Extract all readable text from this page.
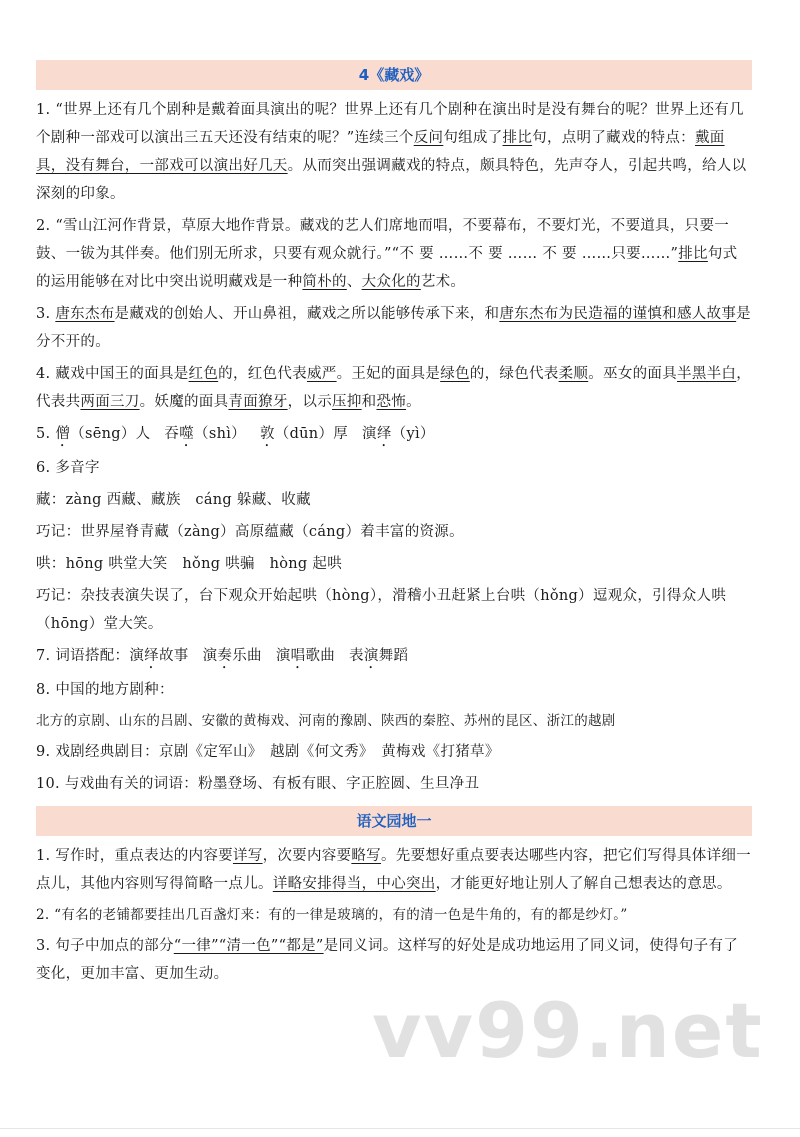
4《藏戏》

1. “世界上还有几个剧种是戴着面具演出的呢？世界上还有几个剧种在演出时是没有舞台的呢？世界上还有几个剧种一部戏可以演出三五天还没有结束的呢？”连续三个反问句组成了排比句，点明了藏戏的特点：戴面具，没有舞台，一部戏可以演出好几天。从而突出强调藏戏的特点，颇具特色，先声夺人，引起共鸣，给人以深刻的印象。

2. “雪山江河作背景，草原大地作背景。藏戏的艺人们席地而唱，不要幕布，不要灯光，不要道具，只要一鼓、一钹为其伴奏。他们别无所求，只要有观众就行。”“不 要 ……不 要 …… 不 要 ……只要……”排比句式的运用能够在对比中突出说明藏戏是一种简朴的、大众化的艺术。

3. 唐东杰布是藏戏的创始人、开山鼻祖，藏戏之所以能够传承下来，和唐东杰布为民造福的谨慎和感人故事是分不开的。

4. 藏戏中国王的面具是红色的，红色代表威严。王妃的面具是绿色的，绿色代表柔顺。巫女的面具半黑半白，代表共两面三刀。妖魔的面具青面獠牙，以示压抑和恐怖。

5. 僧（sēng）人 吞噬（shì） 敦（dūn）厚 演绎（yì）

6. 多音字

藏：zàng 西藏、藏族　cáng 躲藏、收藏

巧记：世界屋脊青藏（zàng）高原蕴藏（cáng）着丰富的资源。

哄：hōng 哄堂大笑　hǒng 哄骗　hòng 起哄

巧记：杂技表演失误了，台下观众开始起哄（hòng），滑稽小丑赶紧上台哄（hǒng）逗观众，引得众人哄（hōng）堂大笑。

7. 词语搭配：演绎故事 演奏乐曲 演唱歌曲 表演舞蹈

8. 中国的地方剧种：

北方的京剧、山东的吕剧、安徽的黄梅戏、河南的豫剧、陕西的秦腔、苏州的昆区、浙江的越剧

9. 戏剧经典剧目：京剧《定军山》　越剧《何文秀》　黄梅戏《打猪草》

10. 与戏曲有关的词语：粉墨登场、有板有眼、字正腔圆、生旦净丑

语文园地一

1. 写作时，重点表达的内容要详写，次要内容要略写。先要想好重点要表达哪些内容，把它们写得具体详细一点儿，其他内容则写得简略一点儿。详略安排得当，中心突出，才能更好地让别人了解自己想表达的意思。

2. “有名的老铺都要挂出几百盏灯来：有的一律是玻璃的，有的清一色是牛角的，有的都是纱灯。”

3. 句子中加点的部分“一律”“清一色”“都是”是同义词。这样写的好处是成功地运用了同义词，使得句子有了变化，更加丰富、更加生动。

vv99.net
